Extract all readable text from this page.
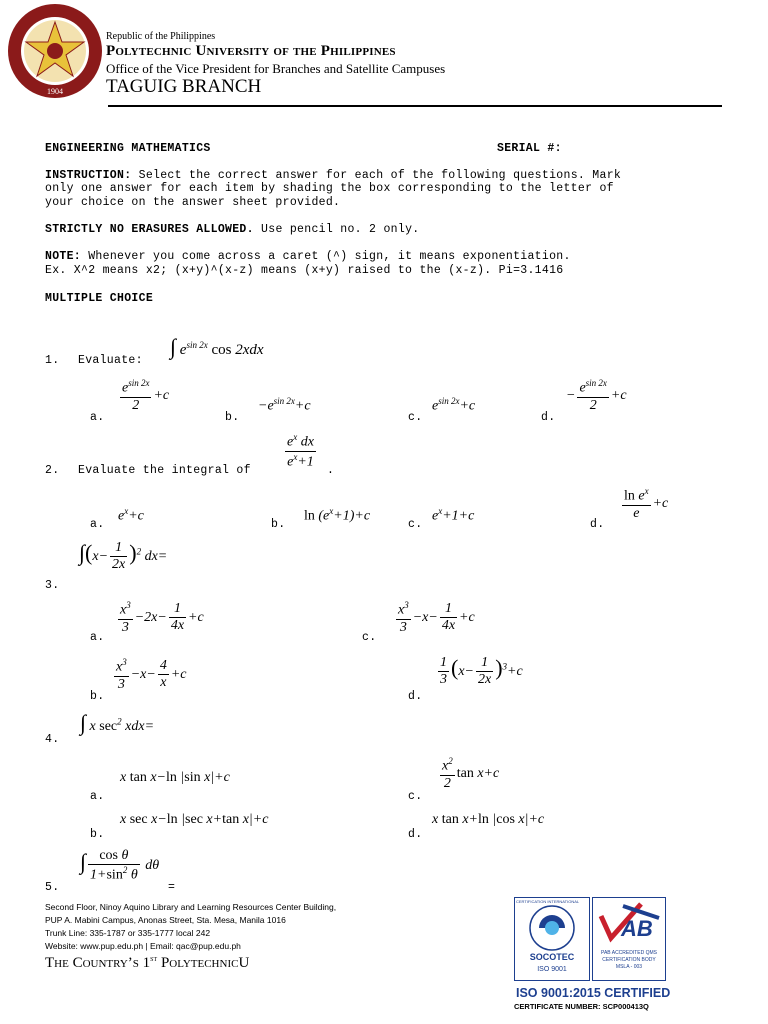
1904
Republic of the Philippines
Polytechnic University of the Philippines
Office of the Vice President for Branches and Satellite Campuses
TAGUIG BRANCH
ENGINEERING MATHEMATICS	SERIAL #:
INSTRUCTION: Select the correct answer for each of the following questions. Mark
only one answer for each item by shading the box corresponding to the letter of
your choice on the answer sheet provided.
STRICTLY NO ERASURES ALLOWED. Use pencil no. 2 only.
NOTE: Whenever you come across a caret (^) sign, it means exponentiation.
Ex. X^2 means x2; (x+y)^(x-z) means (x+y) raised to the (x-z). Pi=3.1416
MULTIPLE CHOICE
∫ $e^{sin 2x}$ cos 2xdx
1. Evaluate:
a.
$\frac{e^{sin 2x}}{2} +c$
b.
$-e^{sin 2x}+c$
c.
$e^{sin 2x}+c$
d.
− $\frac{e^{sin 2x}}{2} +c$
2. Evaluate the integral of $\frac{e^x dx}{e^x+1}$ .
a.
$e^x+c$
b.
$\ln (e^x+1)+c$
c.
$e^x+1+c$
d.
$\frac{\ln e^x}{e} +c$
$\int(x- \frac{1}{2x} )^2$ dx=
3.
a.
$\frac{x^3}{3} -2x- \frac{1}{4x} +c$
c.
$\frac{x^3}{3} -x- \frac{1}{4x} +c$
b.
$\frac{x^3}{3} -x- \frac{4}{x} +c$
d.
$\frac{1}{3} (x- \frac{1}{2x} )^3+c$
∫ x $\sec^2 xdx=$
4.
a.
x tan x−ln |sin x|+c
c.
$\frac{x^2}{2}$ tan x+c
b.
x sec x−ln |sec x+tan x|+c
d.
x tan x+ln |cos x|+c
∫ $\frac{\text{cos θ}}{1+\sin^2 \theta}$ dθ
5.	=
Second Floor, Ninoy Aquino Library and Learning Resources Center Building,
PUP A. Mabini Campus, Anonas Street, Sta. Mesa, Manila 1016
Trunk Line: 335-1787 or 335-1777 local 242
Website: www.pup.edu.ph | Email: qac@pup.edu.ph
The Country’s 1st PolytechnicU	SOCOTEC
ISO 9001
CERTIFICATION INTERNATIONAL
AB
PAB ACCREDITED QMS
CERTIFICATION BODY
MSLA - 003
ISO 9001:2015 CERTIFIED
CERTIFICATE NUMBER: SCP000413Q
